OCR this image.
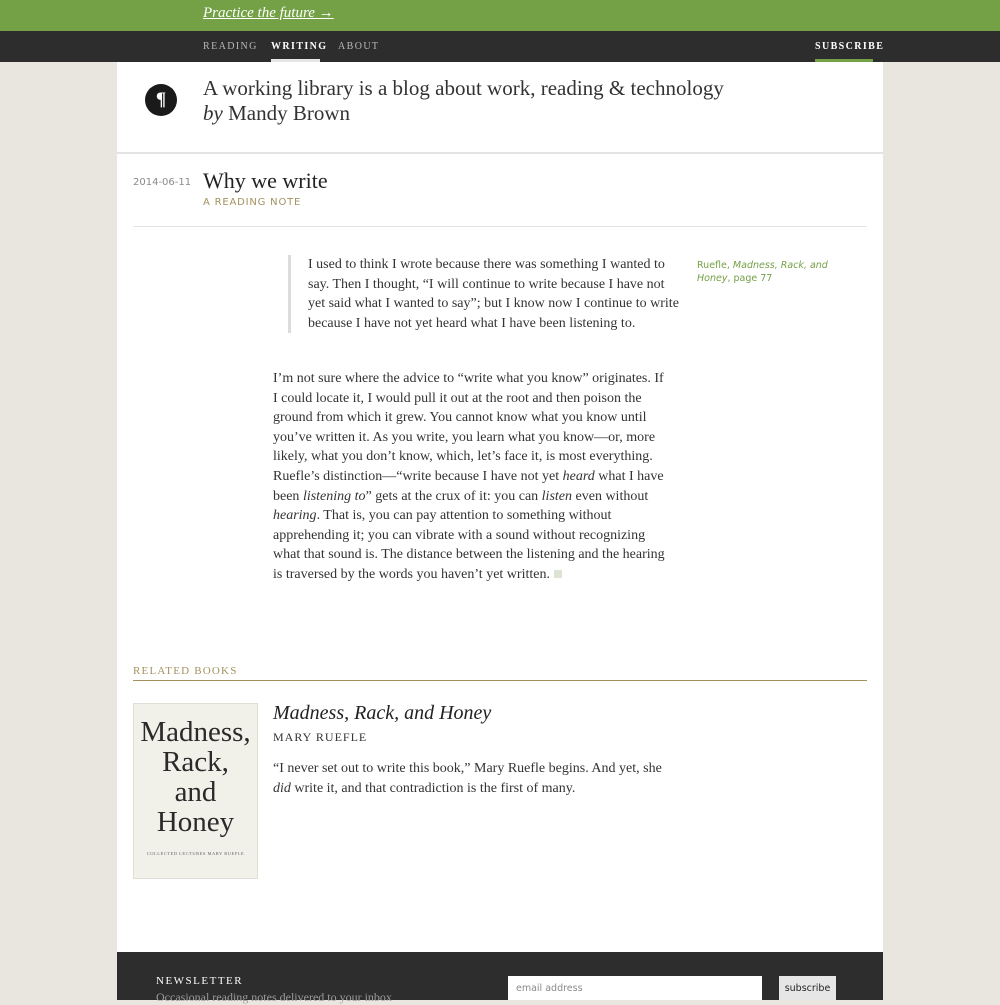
Practice the future →
READING WRITING ABOUT	SUBSCRIBE
¶	A working library is a blog about work, reading & technology
by Mandy Brown
2014-06-11 Why we write
A READING NOTE
I used to think I wrote because there was something I wanted to say. Then I thought, “I will continue to write because I have not yet said what I wanted to say”; but I know now I continue to write because I have not yet heard what I have been listening to.
Ruefle, Madness, Rack, and Honey, page 77
I’m not sure where the advice to “write what you know” originates. If I could locate it, I would pull it out at the root and then poison the ground from which it grew. You cannot know what you know until you’ve written it. As you write, you learn what you know—or, more likely, what you don’t know, which, let’s face it, is most everything. Ruefle’s distinction—“write because I have not yet heard what I have been listening to” gets at the crux of it: you can listen even without hearing. That is, you can pay attention to something without apprehending it; you can vibrate with a sound without recognizing what that sound is. The distance between the listening and the hearing is traversed by the words you haven’t yet written.
RELATED BOOKS
Madness,
Rack,
and
Honey
COLLECTED LECTURES MARY RUEFLE
Madness, Rack, and Honey
MARY RUEFLE
“I never set out to write this book,” Mary Ruefle begins. And yet, she did write it, and that contradiction is the first of many.
NEWSLETTER
Occasional reading notes delivered to your inbox
email address
subscribe
